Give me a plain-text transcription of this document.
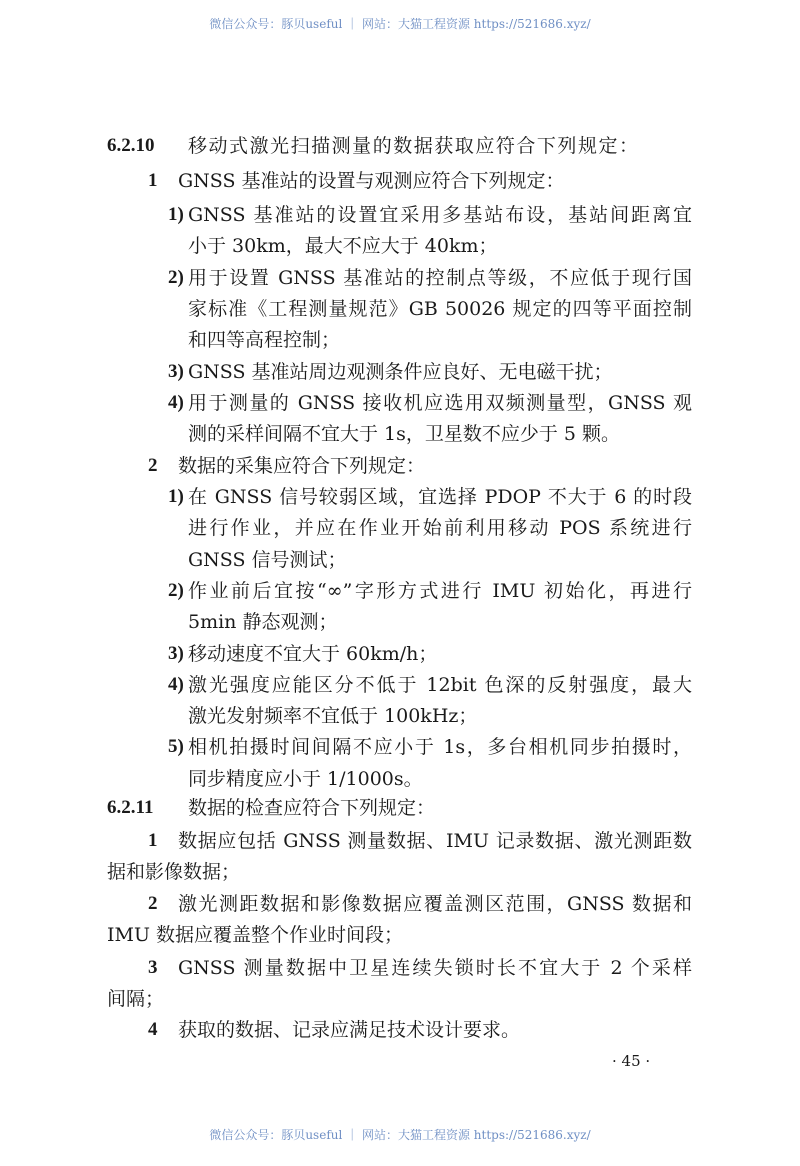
微信公众号：豚贝useful ｜ 网站：大猫工程资源 https://521686.xyz/
6.2.10 移动式激光扫描测量的数据获取应符合下列规定：
1 GNSS 基准站的设置与观测应符合下列规定：
1) GNSS 基准站的设置宜采用多基站布设，基站间距离宜
小于 30km，最大不应大于 40km；
2) 用于设置 GNSS 基准站的控制点等级，不应低于现行国
家标准《工程测量规范》GB 50026 规定的四等平面控制
和四等高程控制；
3) GNSS 基准站周边观测条件应良好、无电磁干扰；
4) 用于测量的 GNSS 接收机应选用双频测量型，GNSS 观
测的采样间隔不宜大于 1s，卫星数不应少于 5 颗。
2 数据的采集应符合下列规定：
1) 在 GNSS 信号较弱区域，宜选择 PDOP 不大于 6 的时段
进行作业，并应在作业开始前利用移动 POS 系统进行
GNSS 信号测试；
2) 作业前后宜按“∞”字形方式进行 IMU 初始化，再进行
5min 静态观测；
3) 移动速度不宜大于 60km/h；
4) 激光强度应能区分不低于 12bit 色深的反射强度，最大
激光发射频率不宜低于 100kHz；
5) 相机拍摄时间间隔不应小于 1s，多台相机同步拍摄时，
同步精度应小于 1/1000s。
6.2.11 数据的检查应符合下列规定：
1 数据应包括 GNSS 测量数据、IMU 记录数据、激光测距数
据和影像数据；
2 激光测距数据和影像数据应覆盖测区范围，GNSS 数据和
IMU 数据应覆盖整个作业时间段；
3 GNSS 测量数据中卫星连续失锁时长不宜大于 2 个采样
间隔；
4 获取的数据、记录应满足技术设计要求。
· 45 ·
微信公众号：豚贝useful ｜ 网站：大猫工程资源 https://521686.xyz/
